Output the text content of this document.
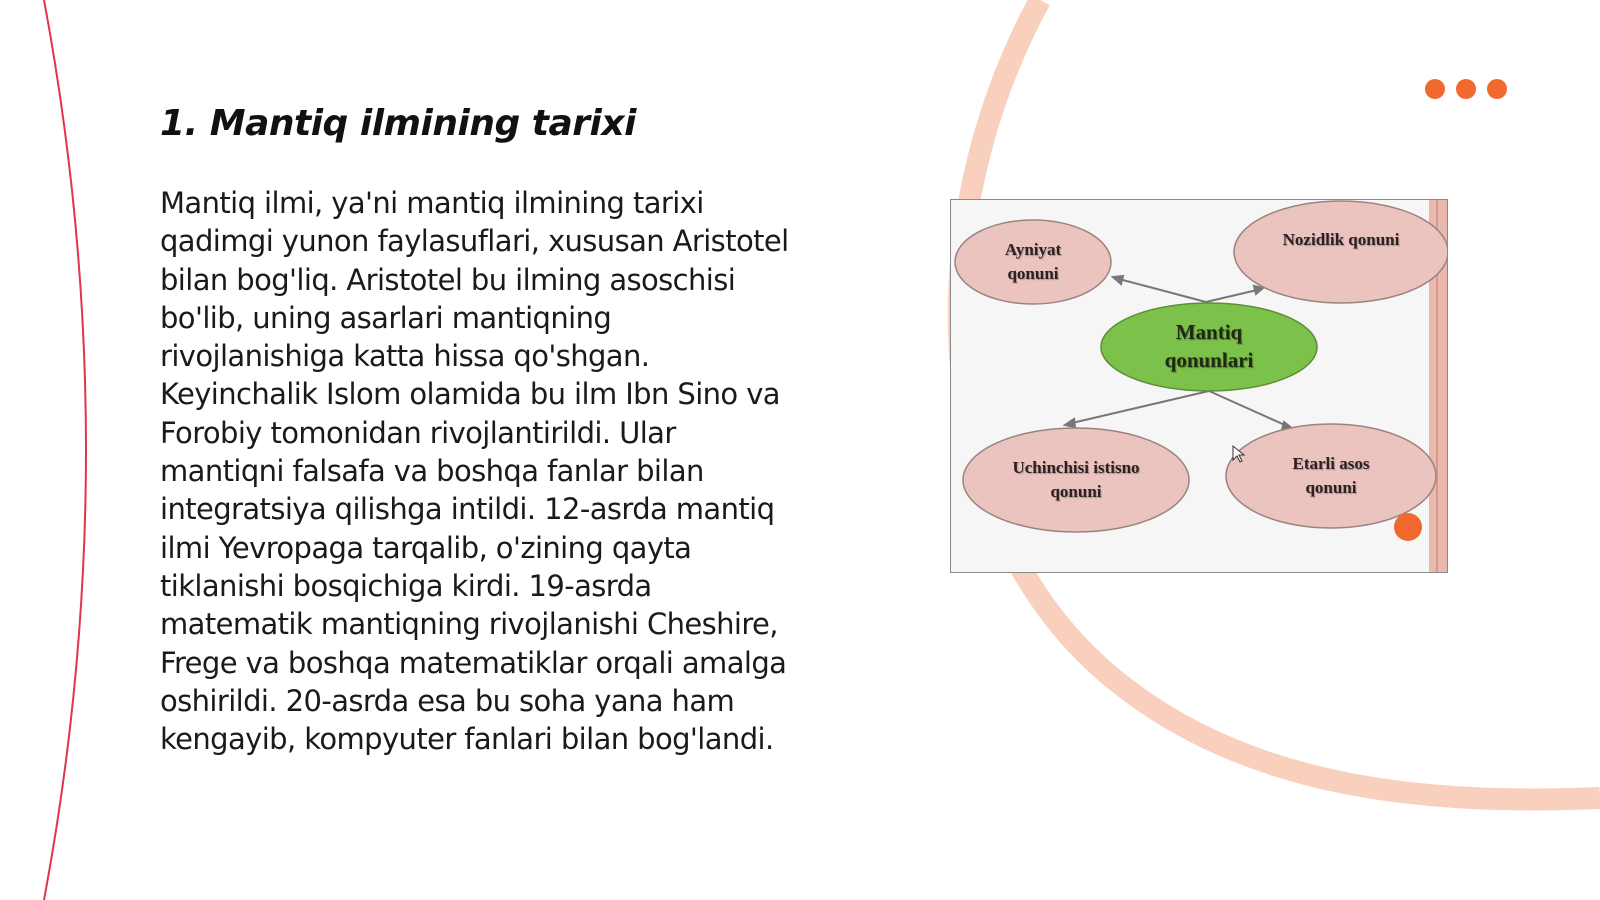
1. Mantiq ilmining tarixi
Mantiq ilmi, ya'ni mantiq ilmining tarixi
qadimgi yunon faylasuflari, xususan Aristotel
bilan bog'liq. Aristotel bu ilming asoschisi
bo'lib, uning asarlari mantiqning
rivojlanishiga katta hissa qo'shgan.
Keyinchalik Islom olamida bu ilm Ibn Sino va
Forobiy tomonidan rivojlantirildi. Ular
mantiqni falsafa va boshqa fanlar bilan
integratsiya qilishga intildi. 12-asrda mantiq
ilmi Yevropaga tarqalib, o'zining qayta
tiklanishi bosqichiga kirdi. 19-asrda
matematik mantiqning rivojlanishi Cheshire,
Frege va boshqa matematiklar orqali amalga
oshirildi. 20-asrda esa bu soha yana ham
kengayib, kompyuter fanlari bilan bog'landi.
Ayniyat
qonuni
Nozidlik qonuni
Mantiq
qonunlari
Uchinchisi istisno
qonuni
Etarli asos
qonuni
